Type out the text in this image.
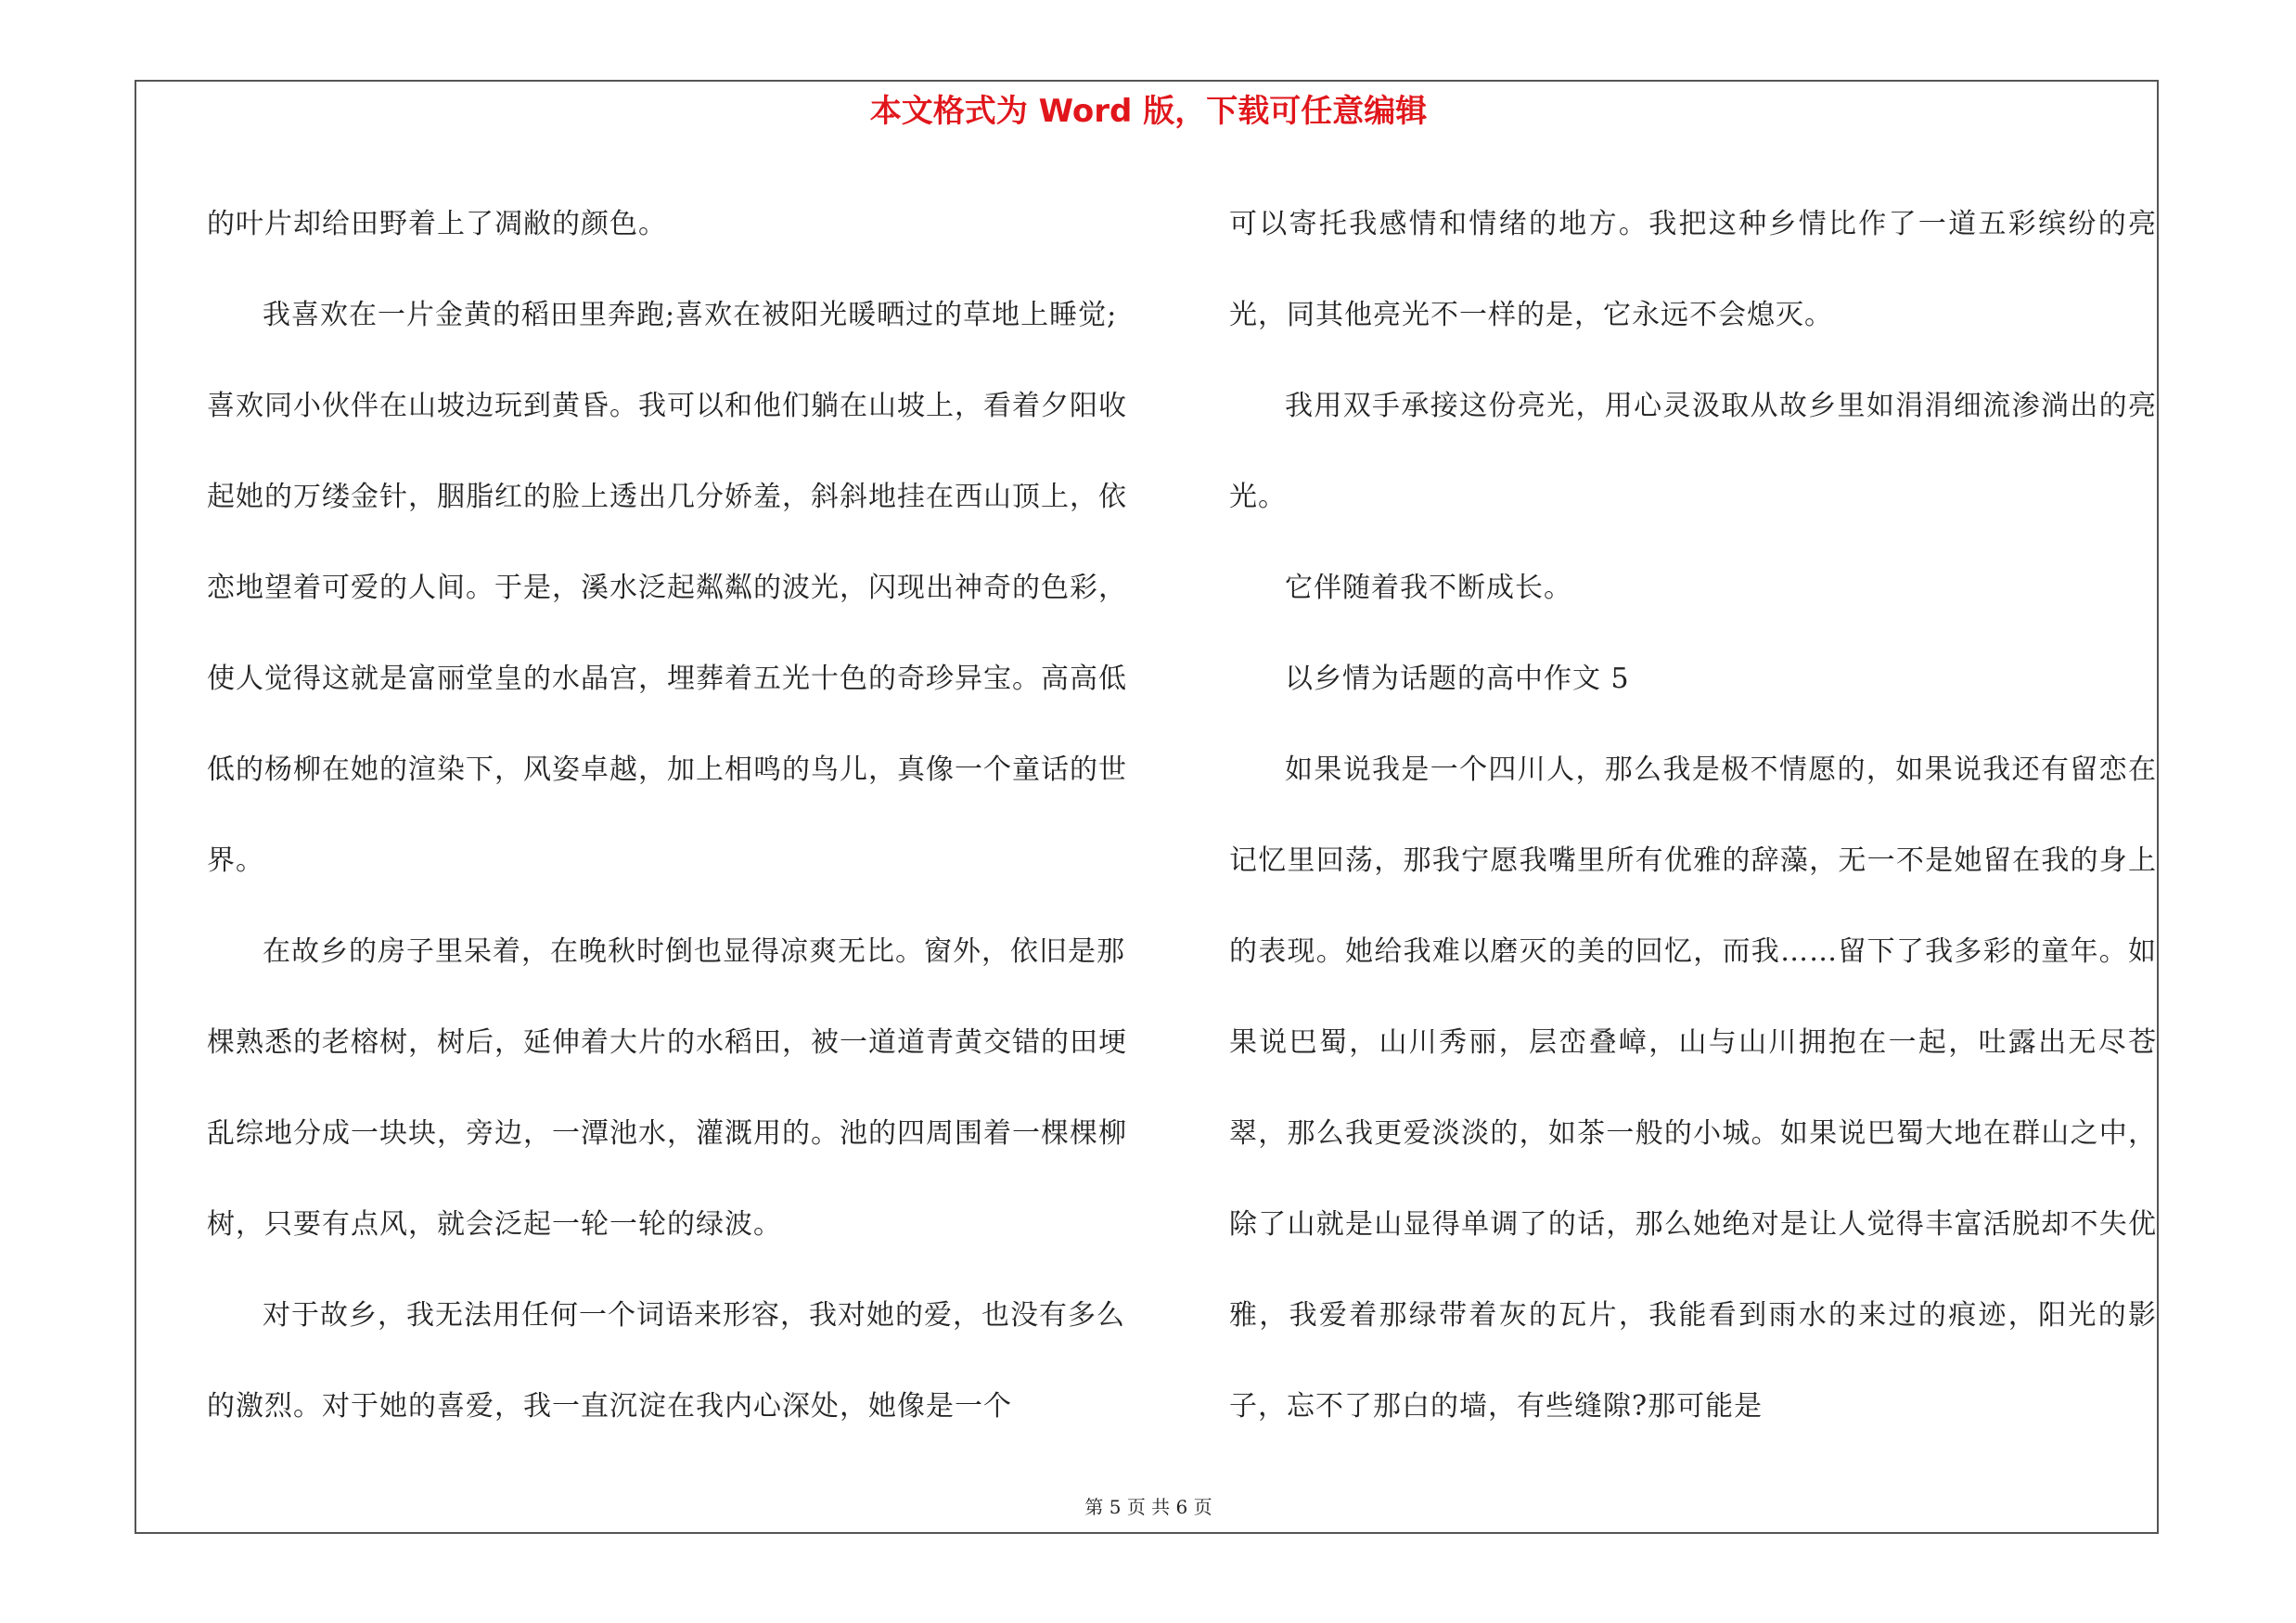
本文格式为 Word 版，下载可任意编辑

的叶片却给田野着上了凋敝的颜色。

我喜欢在一片金黄的稻田里奔跑;喜欢在被阳光暖晒过的草地上睡觉;喜欢同小伙伴在山坡边玩到黄昏。我可以和他们躺在山坡上，看着夕阳收起她的万缕金针，胭脂红的脸上透出几分娇羞，斜斜地挂在西山顶上，依恋地望着可爱的人间。于是，溪水泛起粼粼的波光，闪现出神奇的色彩，使人觉得这就是富丽堂皇的水晶宫，埋葬着五光十色的奇珍异宝。高高低低的杨柳在她的渲染下，风姿卓越，加上相鸣的鸟儿，真像一个童话的世界。

在故乡的房子里呆着，在晚秋时倒也显得凉爽无比。窗外，依旧是那棵熟悉的老榕树，树后，延伸着大片的水稻田，被一道道青黄交错的田埂乱综地分成一块块，旁边，一潭池水，灌溉用的。池的四周围着一棵棵柳树，只要有点风，就会泛起一轮一轮的绿波。

对于故乡，我无法用任何一个词语来形容，我对她的爱，也没有多么的激烈。对于她的喜爱，我一直沉淀在我内心深处，她像是一个

可以寄托我感情和情绪的地方。我把这种乡情比作了一道五彩缤纷的亮光，同其他亮光不一样的是，它永远不会熄灭。

我用双手承接这份亮光，用心灵汲取从故乡里如涓涓细流渗淌出的亮光。

它伴随着我不断成长。

以乡情为话题的高中作文 5

如果说我是一个四川人，那么我是极不情愿的，如果说我还有留恋在记忆里回荡，那我宁愿我嘴里所有优雅的辞藻，无一不是她留在我的身上的表现。她给我难以磨灭的美的回忆，而我……留下了我多彩的童年。如果说巴蜀，山川秀丽，层峦叠嶂，山与山川拥抱在一起，吐露出无尽苍翠，那么我更爱淡淡的，如茶一般的小城。如果说巴蜀大地在群山之中，除了山就是山显得单调了的话，那么她绝对是让人觉得丰富活脱却不失优雅，我爱着那绿带着灰的瓦片，我能看到雨水的来过的痕迹，阳光的影子，忘不了那白的墙，有些缝隙?那可能是

第 5 页 共 6 页
